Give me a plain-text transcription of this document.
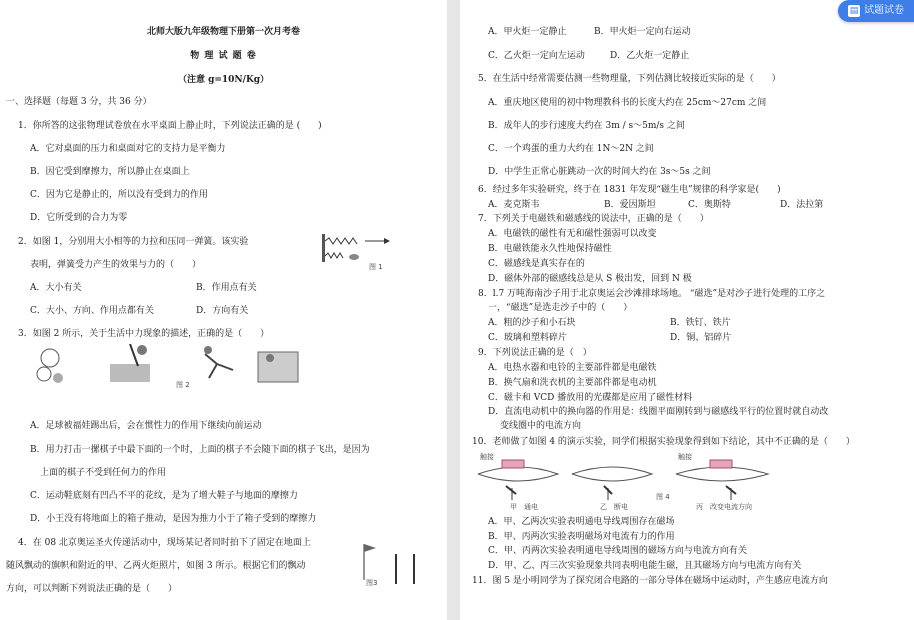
北师大版九年级物理下册第一次月考卷
物 理 试 题 卷
（注意 g=10N/Kg）
一、选择题（每题 3 分，共 36 分）
1．你所答的这张物理试卷放在水平桌面上静止时，下列说法正确的是 (　　)
A．它对桌面的压力和桌面对它的支持力是平衡力
B．因它受到摩擦力，所以静止在桌面上
C．因为它是静止的，所以没有受到力的作用
D．它所受到的合力为零
2．如图 1，分别用大小相等的力拉和压同一弹簧。该实验
表明，弹簧受力产生的效果与力的（　　）	图 1
A．大小有关	B．作用点有关
C．大小、方向、作用点都有关	D．方向有关
3．如图 2 所示，关于生活中力现象的描述，正确的是（　　）
图 2
A．足球被福娃踢出后，会在惯性力的作用下继续向前运动
B．用力打击一摞棋子中最下面的一个时，上面的棋子不会随下面的棋子飞出，是因为
上面的棋子不受到任何力的作用
C．运动鞋底刻有凹凸不平的花纹，是为了增大鞋子与地面的摩擦力
D．小王没有将地面上的箱子推动，是因为推力小于了箱子受到的摩擦力
4．在 08 北京奥运圣火传递活动中，现场某记者同时拍下了固定在地面上
随风飘动的旗帜和附近的甲、乙两火炬照片，如图 3 所示。根据它们的飘动
方向，可以判断下列说法正确的是（　　）
图3
A．甲火炬一定静止	B．甲火炬一定向右运动
C．乙火炬一定向左运动	D．乙火炬一定静止
5．在生活中经常需要估测一些物理量，下列估测比较接近实际的是（　　）
A．重庆地区使用的初中物理教科书的长度大约在 25cm～27cm 之间
B．成年人的步行速度大约在 3m / s～5m/s 之间
C．一个鸡蛋的重力大约在 1N～2N 之间
D．中学生正常心脏跳动一次的时间大约在 3s～5s 之间
6．经过多年实验研究，终于在 1831 年发现“磁生电”规律的科学家是(　　)
A．麦克斯韦	B．爱因斯坦	C．奥斯特	D．法拉第
7．下列关于电磁铁和磁感线的说法中，正确的是（　　）
A．电磁铁的磁性有无和磁性强弱可以改变
B．电磁铁能永久性地保持磁性
C．磁感线是真实存在的
D．磁体外部的磁感线总是从 S 极出发，回到 N 极
8．l.7 万吨海南沙子用于北京奥运会沙滩排球场地。 “磁选”是对沙子进行处理的工序之
一，“磁选”是选走沙子中的（　　）
A．粗的沙子和小石块	B．铁钉、铁片
C．玻璃和塑料碎片	D．铜、铝碎片
9．下列说法正确的是（　）
A．电热水器和电铃的主要部件都是电磁铁
B．换气扇和洗衣机的主要部件都是电动机
C．磁卡和 VCD 播放用的光碟都是应用了磁性材料
D．直流电动机中的换向器的作用是：线圈平面刚转到与磁感线平行的位置时就自动改
变线圈中的电流方向
10．老师做了如图 4 的演示实验，同学们根据实验现象得到如下结论，其中不正确的是（　　）
触接	触接
甲　通电	乙　断电
图 4
丙　改变电流方向
A．甲、乙两次实验表明通电导线周围存在磁场
B．甲、丙两次实验表明磁场对电流有力的作用
C．甲、丙两次实验表明通电导线周围的磁场方向与电流方向有关
D．甲、乙、丙三次实验现象共同表明电能生磁，且其磁场方向与电流方向有关
11．图 5 是小明同学为了探究闭合电路的一部分导体在磁场中运动时，产生感应电流方向
▤ 试题试卷
